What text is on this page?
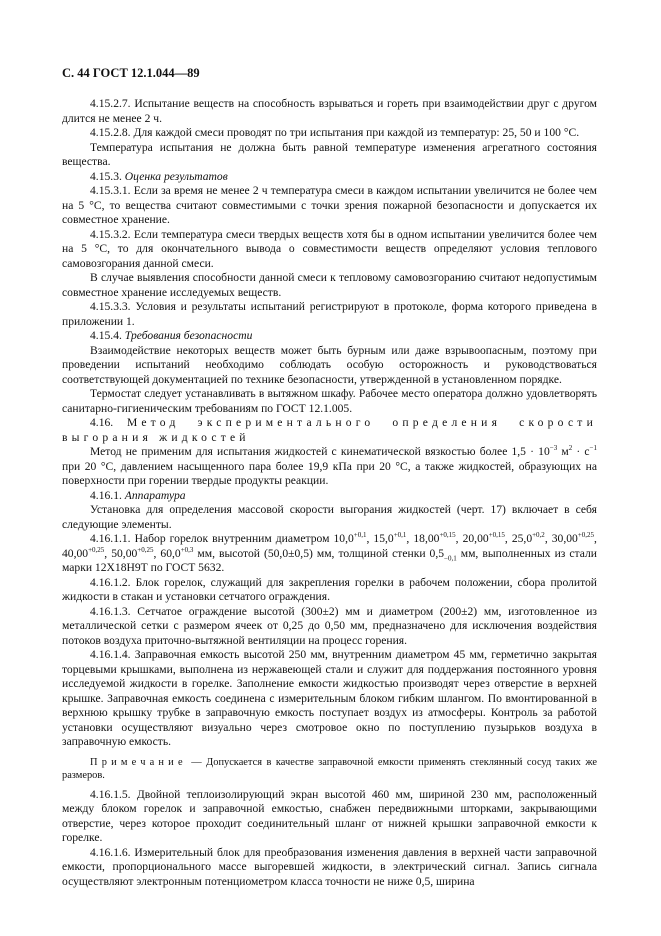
С. 44 ГОСТ 12.1.044—89

4.15.2.7. Испытание веществ на способность взрываться и гореть при взаимодействии друг с другом длится не менее 2 ч.

4.15.2.8. Для каждой смеси проводят по три испытания при каждой из температур: 25, 50 и 100 °С.

Температура испытания не должна быть равной температуре изменения агрегатного состояния вещества.

4.15.3. Оценка результатов

4.15.3.1. Если за время не менее 2 ч температура смеси в каждом испытании увеличится не более чем на 5 °С, то вещества считают совместимыми с точки зрения пожарной безопасности и допускается их совместное хранение.

4.15.3.2. Если температура смеси твердых веществ хотя бы в одном испытании увеличится более чем на 5 °С, то для окончательного вывода о совместимости веществ определяют условия теплового самовозгорания данной смеси.

В случае выявления способности данной смеси к тепловому самовозгоранию считают недопустимым совместное хранение исследуемых веществ.

4.15.3.3. Условия и результаты испытаний регистрируют в протоколе, форма которого приведена в приложении 1.

4.15.4. Требования безопасности

Взаимодействие некоторых веществ может быть бурным или даже взрывоопасным, поэтому при проведении испытаний необходимо соблюдать особую осторожность и руководствоваться соответствующей документацией по технике безопасности, утвержденной в установленном порядке.

Термостат следует устанавливать в вытяжном шкафу. Рабочее место оператора должно удовлетворять санитарно-гигиеническим требованиям по ГОСТ 12.1.005.

4.16. Метод экспериментального определения скорости выгорания жидкостей

Метод не применим для испытания жидкостей с кинематической вязкостью более $1,5 \cdot 10^{-3}$ $м^2 \cdot с^{-1}$ при 20 °С, давлением насыщенного пара более 19,9 кПа при 20 °С, а также жидкостей, образующих на поверхности при горении твердые продукты реакции.

4.16.1. Аппаратура

Установка для определения массовой скорости выгорания жидкостей (черт. 17) включает в себя следующие элементы.

4.16.1.1. Набор горелок внутренним диаметром $10,0^{+0,1}$, $15,0^{+0,1}$, $18,00^{+0,15}$, $20,00^{+0,15}$, $25,0^{+0,2}$, $30,00^{+0,25}$, $40,00^{+0,25}$, $50,00^{+0,25}$, $60,0^{+0,3}$ мм, высотой (50,0±0,5) мм, толщиной стенки $0,5_{-0,1}$ мм, выполненных из стали марки 12Х18Н9Т по ГОСТ 5632.

4.16.1.2. Блок горелок, служащий для закрепления горелки в рабочем положении, сбора пролитой жидкости в стакан и установки сетчатого ограждения.

4.16.1.3. Сетчатое ограждение высотой (300±2) мм и диаметром (200±2) мм, изготовленное из металлической сетки с размером ячеек от 0,25 до 0,50 мм, предназначено для исключения воздействия потоков воздуха приточно-вытяжной вентиляции на процесс горения.

4.16.1.4. Заправочная емкость высотой 250 мм, внутренним диаметром 45 мм, герметично закрытая торцевыми крышками, выполнена из нержавеющей стали и служит для поддержания постоянного уровня исследуемой жидкости в горелке. Заполнение емкости жидкостью производят через отверстие в верхней крышке. Заправочная емкость соединена с измерительным блоком гибким шлангом. По вмонтированной в верхнюю крышку трубке в заправочную емкость поступает воздух из атмосферы. Контроль за работой установки осуществляют визуально через смотровое окно по поступлению пузырьков воздуха в заправочную емкость.

Примечание — Допускается в качестве заправочной емкости применять стеклянный сосуд таких же размеров.

4.16.1.5. Двойной теплоизолирующий экран высотой 460 мм, шириной 230 мм, расположенный между блоком горелок и заправочной емкостью, снабжен передвижными шторками, закрывающими отверстие, через которое проходит соединительный шланг от нижней крышки заправочной емкости к горелке.

4.16.1.6. Измерительный блок для преобразования изменения давления в верхней части заправочной емкости, пропорционального массе выгоревшей жидкости, в электрический сигнал. Запись сигнала осуществляют электронным потенциометром класса точности не ниже 0,5, ширина
